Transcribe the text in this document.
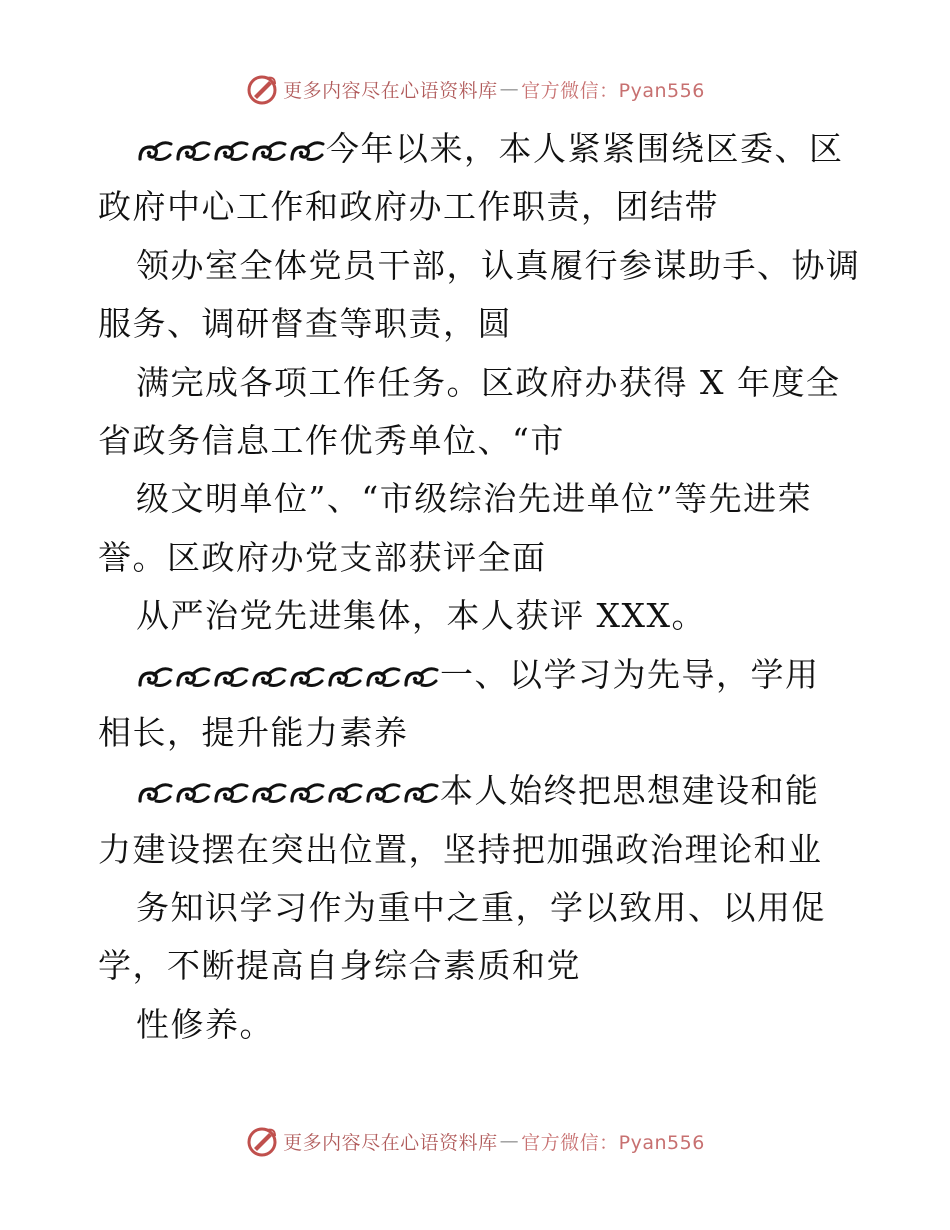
更多内容尽在心语资料库 — 官方微信：Pyan556
今年以来，本人紧紧围绕区委、区
政府中心工作和政府办工作职责，团结带
领办室全体党员干部，认真履行参谋助手、协调
服务、调研督查等职责，圆
满完成各项工作任务。区政府办获得 X 年度全
省政务信息工作优秀单位、“市
级文明单位”、“市级综治先进单位”等先进荣
誉。区政府办党支部获评全面
从严治党先进集体，本人获评 XXX。
一、以学习为先导，学用
相长，提升能力素养
本人始终把思想建设和能
力建设摆在突出位置，坚持把加强政治理论和业
务知识学习作为重中之重，学以致用、以用促
学，不断提高自身综合素质和党
性修养。
更多内容尽在心语资料库 — 官方微信：Pyan556
